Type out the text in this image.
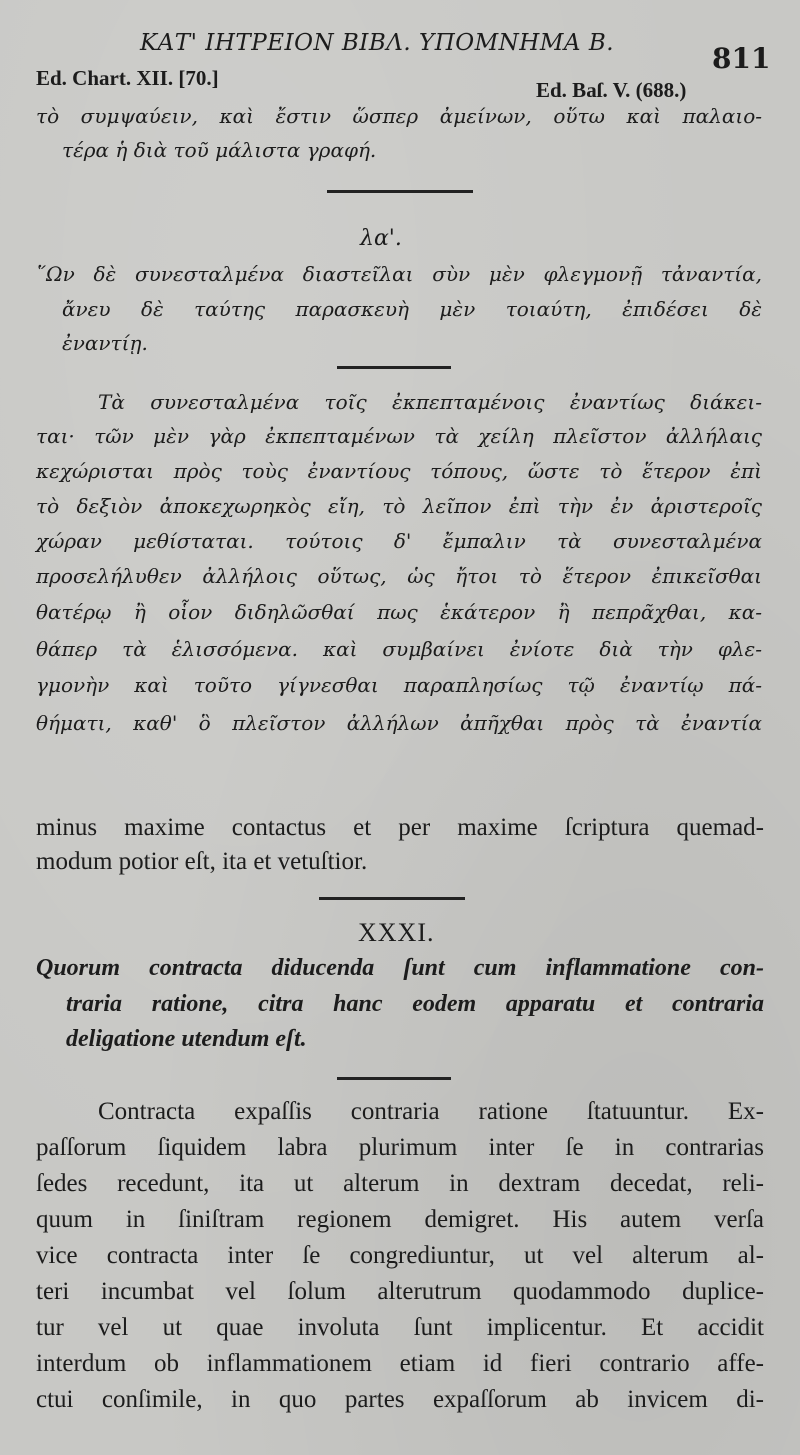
ΚΑΤ' ΙΗΤΡΕΙΟΝ ΒΙΒΛ. ΥΠΟΜΝΗΜΑ Β.	811
Ed. Chart. XII. [70.]	Ed. Baſ. V. (688.)
τὸ συμψαύειν, καὶ ἔστιν ὥσπερ ἀμείνων, οὕτω καὶ παλαιο-
τέρα ἡ διὰ τοῦ μάλιστα γραφή.
λα'.
῞Ων δὲ συνεσταλμένα διαστεῖλαι σὺν μὲν φλεγμονῇ τἀναντία,
ἄνευ δὲ ταύτης παρασκευὴ μὲν τοιαύτη, ἐπιδέσει δὲ
ἐναντίῃ.
Τὰ συνεσταλμένα τοῖς ἐκπεπταμένοις ἐναντίως διάκει-
ται· τῶν μὲν γὰρ ἐκπεπταμένων τὰ χείλη πλεῖστον ἀλλήλαις
κεχώρισται πρὸς τοὺς ἐναντίους τόπους, ὥστε τὸ ἕτερον ἐπὶ
τὸ δεξιὸν ἀποκεχωρηκὸς εἴη, τὸ λεῖπον ἐπὶ τὴν ἐν ἀριστεροῖς
χώραν μεθίσταται. τούτοις δ' ἔμπαλιν τὰ συνεσταλμένα
προσελήλυθεν ἀλλήλοις οὕτως, ὡς ἤτοι τὸ ἕτερον ἐπικεῖσθαι
θατέρῳ ἢ οἷον διδηλῶσθαί πως ἑκάτερον ἢ πεπρᾶχθαι, κα-
θάπερ τὰ ἑλισσόμενα. καὶ συμβαίνει ἐνίοτε διὰ τὴν φλε-
γμονὴν καὶ τοῦτο γίγνεσθαι παραπλησίως τῷ ἐναντίῳ πά-
θήματι, καθ' ὃ πλεῖστον ἀλλήλων ἀπῆχθαι πρὸς τὰ ἐναντία
minus maxime contactus et per maxime ſcriptura quemad-
modum potior eſt, ita et vetuſtior.
XXXI.
Quorum contracta diducenda ſunt cum inflammatione con-
traria ratione, citra hanc eodem apparatu et contraria
deligatione utendum eſt.
Contracta expaſſis contraria ratione ſtatuuntur. Ex-
paſſorum ſiquidem labra plurimum inter ſe in contrarias
ſedes recedunt, ita ut alterum in dextram decedat, reli-
quum in ſiniſtram regionem demigret. His autem verſa
vice contracta inter ſe congrediuntur, ut vel alterum al-
teri incumbat vel ſolum alterutrum quodammodo duplice-
tur vel ut quae involuta ſunt implicentur. Et accidit
interdum ob inflammationem etiam id fieri contrario affe-
ctui conſimile, in quo partes expaſſorum ab invicem di-
